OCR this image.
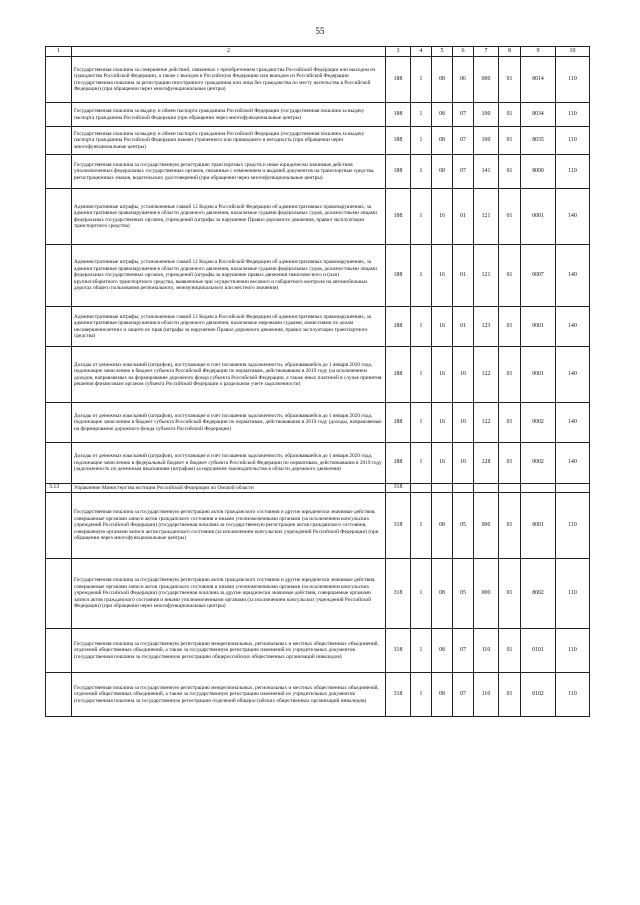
55
1	2	3	4	5	6	7	8	9	10
	Государственная пошлина за совершение действий, связанных с приобретением гражданства Российской Федерации или выходом из гражданства Российской Федерации, а также с въездом в Российскую Федерацию или выездом из Российской Федерации (государственная пошлина за регистрацию иностранного гражданина или лица без гражданства по месту жительства в Российской Федерации) (при обращении через многофункциональные центры)	188	1	08	06	000	01	8014	110
	Государственная пошлина за выдачу и обмен паспорта гражданина Российской Федерации (государственная пошлина за выдачу паспорта гражданина Российской Федерации (при обращении через многофункциональные центры)	188	1	08	07	100	01	8034	110
	Государственная пошлина за выдачу и обмен паспорта гражданина Российской Федерации (государственная пошлина за выдачу паспорта гражданина Российской Федерации взамен утраченного или пришедшего в негодность (при обращении через многофункциональные центры)	188	1	08	07	100	01	8035	110
	Государственная пошлина за государственную регистрацию транспортных средств и иные юридически значимые действия уполномоченных федеральных государственных органов, связанные с изменением и выдачей документов на транспортные средства, регистрационных знаков, водительских удостоверений (при обращении через многофункциональные центры)	188	1	08	07	141	01	8000	110
	Административные штрафы, установленные главой 12 Кодекса Российской Федерации об административных правонарушениях, за административные правонарушения в области дорожного движения, налагаемые судьями федеральных судов, должностными лицами федеральных государственных органов, учреждений (штрафы за нарушение Правил дорожного движения, правил эксплуатации транспортного средства)	188	1	16	01	121	01	0001	140
	Административные штрафы, установленные главой 12 Кодекса Российской Федерации об административных правонарушениях, за административные правонарушения в области дорожного движения, налагаемые судьями федеральных судов, должностными лицами федеральных государственных органов, учреждений (штрафы за нарушение правил движения тяжеловесного и (или) крупногабаритного транспортного средства, выявленные при осуществлении весового и габаритного контроля на автомобильных дорогах общего пользования регионального, межмуниципального или местного значения)	188	1	16	01	121	01	0007	140
	Административные штрафы, установленные главой 12 Кодекса Российской Федерации об административных правонарушениях, за административные правонарушения в области дорожного движения, налагаемые мировыми судьями, комиссиями по делам несовершеннолетних и защите их прав (штрафы за нарушение Правил дорожного движения, правил эксплуатации транспортного средства)	188	1	16	01	123	01	0001	140
	Доходы от денежных взысканий (штрафов), поступающие в счет погашения задолженности, образовавшейся до 1 января 2020 года, подлежащие зачислению в бюджет субъекта Российской Федерации по нормативам, действовавшим в 2019 году (за исключением доходов, направляемых на формирование дорожного фонда субъекта Российской Федерации, а также иных платежей в случае принятия решения финансовым органом субъекта Российской Федерации о раздельном учете задолженности)	188	1	16	10	122	01	0001	140
	Доходы от денежных взысканий (штрафов), поступающие в счет погашения задолженности, образовавшейся до 1 января 2020 года, подлежащие зачислению в бюджет субъекта Российской Федерации по нормативам, действовавшим в 2019 году (доходы, направляемые на формирование дорожного фонда субъекта Российской Федерации)	188	1	16	10	122	01	0002	140
	Доходы от денежных взысканий (штрафов), поступающие в счет погашения задолженности, образовавшейся до 1 января 2020 года, подлежащие зачислению в федеральный бюджет и бюджет субъекта Российской Федерации по нормативам, действовавшим в 2019 году (задолженность по денежным взысканиям (штрафам) за нарушение законодательства в области дорожного движения)	188	1	16	10	128	01	0002	140
3.13	Управление Министерства юстиции Российской Федерации по Омской области	318							
	Государственная пошлина за государственную регистрацию актов гражданского состояния и другие юридически значимые действия, совершаемые органами записи актов гражданского состояния и иными уполномоченными органами (за исключением консульских учреждений Российской Федерации) (государственная пошлина за государственную регистрацию актов гражданского состояния, совершаемую органами записи актов гражданского состояния (за исключением консульских учреждений Российской Федерации) (при обращении через многофункциональные центры)	318	1	08	05	000	01	8001	110
	Государственная пошлина за государственную регистрацию актов гражданского состояния и другие юридически значимые действия, совершаемые органами записи актов гражданского состояния и иными уполномоченными органами (за исключением консульских учреждений Российской Федерации) (государственная пошлина за другие юридически значимые действия, совершаемые органами записи актов гражданского состояния и иными уполномоченными органами (за исключением консульских учреждений Российской Федерации) (при обращении через многофункциональные центры)	318	1	08	05	000	01	8002	110
	Государственная пошлина за государственную регистрацию межрегиональных, региональных и местных общественных объединений, отделений общественных объединений, а также за государственную регистрацию изменений их учредительных документов (государственная пошлина за государственную регистрацию общероссийских общественных организаций инвалидов)	318	1	08	07	110	01	0101	110
	Государственная пошлина за государственную регистрацию межрегиональных, региональных и местных общественных объединений, отделений общественных объединений, а также за государственную регистрацию изменений их учредительных документов (государственная пошлина за государственную регистрацию отделений общероссийских общественных организаций инвалидов)	318	1	08	07	110	01	0102	110
